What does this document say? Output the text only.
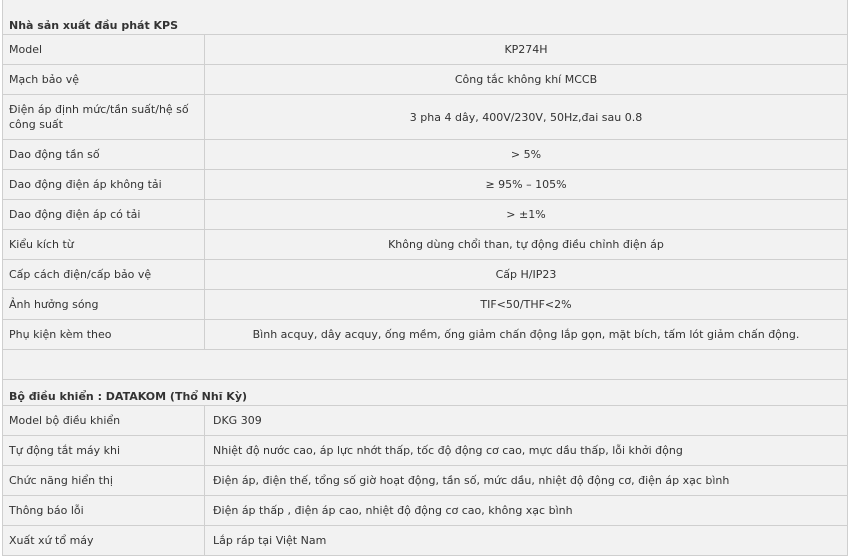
Nhà sản xuất đầu phát KPS	
Model	KP274H
Mạch bảo vệ	Công tắc không khí MCCB
Điện áp định mức/tần suất/hệ số công suất	3 pha 4 dây, 400V/230V, 50Hz,đai sau 0.8
Dao động tần số	> 5%
Dao động điện áp không tải	≥ 95% – 105%
Dao động điện áp có tải	> ±1%
Kiểu kích từ	Không dùng chổi than, tự động điều chỉnh điện áp
Cấp cách điện/cấp bảo vệ	Cấp H/IP23
Ảnh hưởng sóng	TIF<50/THF<2%
Phụ kiện kèm theo	Bình acquy, dây acquy, ống mềm, ống giảm chấn động lắp gọn, mặt bích, tấm lót giảm chấn động.

Bộ điều khiển : DATAKOM (Thổ Nhĩ Kỳ)	
Model bộ điều khiển	DKG 309
Tự động tắt máy khi	Nhiệt độ nước cao, áp lực nhớt thấp, tốc độ động cơ cao, mực dầu thấp, lỗi khởi động
Chức năng hiển thị	Điện áp, điện thế, tổng số giờ hoạt động, tần số, mức dầu, nhiệt độ động cơ, điện áp xạc bình
Thông báo lỗi	Điện áp thấp , điện áp cao, nhiệt độ động cơ cao, không xạc bình
Xuất xứ tổ máy	Lắp ráp tại Việt Nam
